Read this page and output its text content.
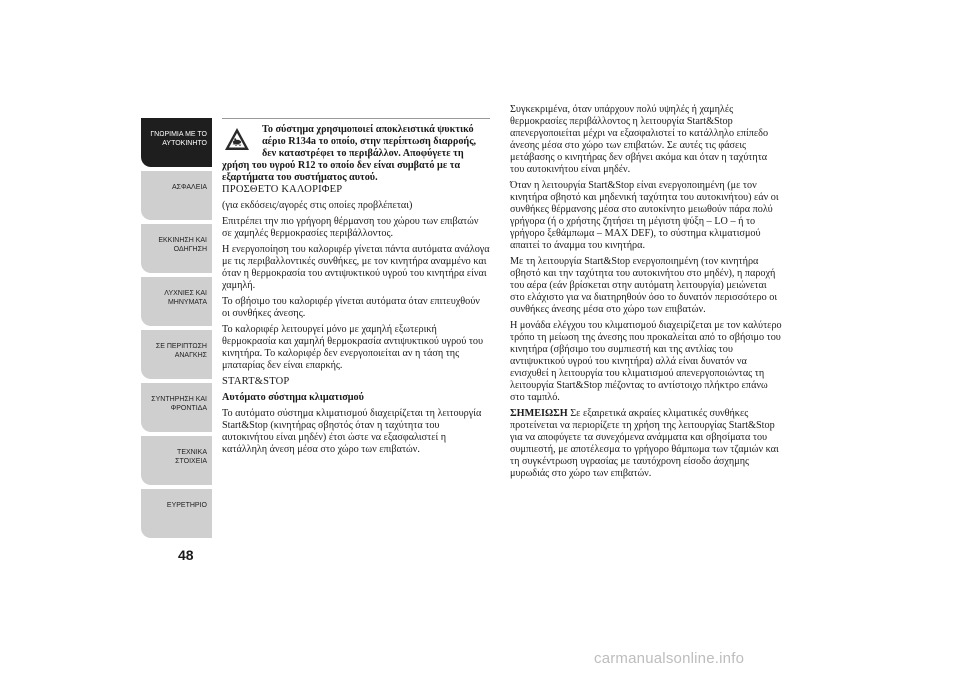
ΓΝΩΡΙΜΙΑ ΜΕ ΤΟ ΑΥΤΟΚΙΝΗΤΟ
ΑΣΦΑΛΕΙΑ
ΕΚΚΙΝΗΣΗ ΚΑΙ ΟΔΗΓΗΣΗ
ΛΥΧΝΙΕΣ ΚΑΙ ΜΗΝΥΜΑΤΑ
ΣΕ ΠΕΡΙΠΤΩΣΗ ΑΝΑΓΚΗΣ
ΣΥΝΤΗΡΗΣΗ ΚΑΙ ΦΡΟΝΤΙΔΑ
ΤΕΧΝΙΚΑ ΣΤΟΙΧΕΙΑ
ΕΥΡΕΤΗΡΙΟ
48
Το σύστημα χρησιμοποιεί αποκλειστικά ψυκτικό αέριο R134a το οποίο, στην περίπτωση διαρροής, δεν καταστρέφει το περιβάλλον. Αποφύγετε τη χρήση του υγρού R12 το οποίο δεν είναι συμβατό με τα εξαρτήματα του συστήματος αυτού.

ΠΡΟΣΘΕΤΟ ΚΑΛΟΡΙΦΕΡ

(για εκδόσεις/αγορές στις οποίες προβλέπεται)

Επιτρέπει την πιο γρήγορη θέρμανση του χώρου των επιβατών σε χαμηλές θερμοκρασίες περιβάλλοντος.

Η ενεργοποίηση του καλοριφέρ γίνεται πάντα αυτόματα ανάλογα με τις περιβαλλοντικές συνθήκες, με τον κινητήρα αναμμένο και όταν η θερμοκρασία του αντιψυκτικού υγρού του κινητήρα είναι χαμηλή.

Το σβήσιμο του καλοριφέρ γίνεται αυτόματα όταν επιτευχθούν οι συνθήκες άνεσης.

Το καλοριφέρ λειτουργεί μόνο με χαμηλή εξωτερική θερμοκρασία και χαμηλή θερμοκρασία αντιψυκτικού υγρού του κινητήρα. Το καλοριφέρ δεν ενεργοποιείται αν η τάση της μπαταρίας δεν είναι επαρκής.

START&STOP

Αυτόματο σύστημα κλιματισμού

Το αυτόματο σύστημα κλιματισμού διαχειρίζεται τη λειτουργία Start&Stop (κινητήρας σβηστός όταν η ταχύτητα του αυτοκινήτου είναι μηδέν) έτσι ώστε να εξασφαλιστεί η κατάλληλη άνεση μέσα στο χώρο των επιβατών.

Συγκεκριμένα, όταν υπάρχουν πολύ υψηλές ή χαμηλές θερμοκρασίες περιβάλλοντος η λειτουργία Start&Stop απενεργοποιείται μέχρι να εξασφαλιστεί το κατάλληλο επίπεδο άνεσης μέσα στο χώρο των επιβατών. Σε αυτές τις φάσεις μετάβασης ο κινητήρας δεν σβήνει ακόμα και όταν η ταχύτητα του αυτοκινήτου είναι μηδέν.

Όταν η λειτουργία Start&Stop είναι ενεργοποιημένη (με τον κινητήρα σβηστό και μηδενική ταχύτητα του αυτοκινήτου) εάν οι συνθήκες θέρμανσης μέσα στο αυτοκίνητο μειωθούν πάρα πολύ γρήγορα (ή ο χρήστης ζητήσει τη μέγιστη ψύξη – LO – ή το γρήγορο ξεθάμπωμα – MAX DEF), το σύστημα κλιματισμού απαιτεί το άναμμα του κινητήρα.

Με τη λειτουργία Start&Stop ενεργοποιημένη (τον κινητήρα σβηστό και την ταχύτητα του αυτοκινήτου στο μηδέν), η παροχή του αέρα (εάν βρίσκεται στην αυτόματη λειτουργία) μειώνεται στο ελάχιστο για να διατηρηθούν όσο το δυνατόν περισσότερο οι συνθήκες άνεσης μέσα στο χώρο των επιβατών.

Η μονάδα ελέγχου του κλιματισμού διαχειρίζεται με τον καλύτερο τρόπο τη μείωση της άνεσης που προκαλείται από το σβήσιμο του κινητήρα (σβήσιμο του συμπιεστή και της αντλίας του αντιψυκτικού υγρού του κινητήρα) αλλά είναι δυνατόν να ενισχυθεί η λειτουργία του κλιματισμού απενεργοποιώντας τη λειτουργία Start&Stop πιέζοντας το αντίστοιχο πλήκτρο επάνω στο ταμπλό.

ΣΗΜΕΙΩΣΗ Σε εξαιρετικά ακραίες κλιματικές συνθήκες προτείνεται να περιορίζετε τη χρήση της λειτουργίας Start&Stop για να αποφύγετε τα συνεχόμενα ανάμματα και σβησίματα του συμπιεστή, με αποτέλεσμα το γρήγορο θάμπωμα των τζαμιών και τη συγκέντρωση υγρασίας με ταυτόχρονη είσοδο άσχημης μυρωδιάς στο χώρο των επιβατών.

carmanualsonline.info
